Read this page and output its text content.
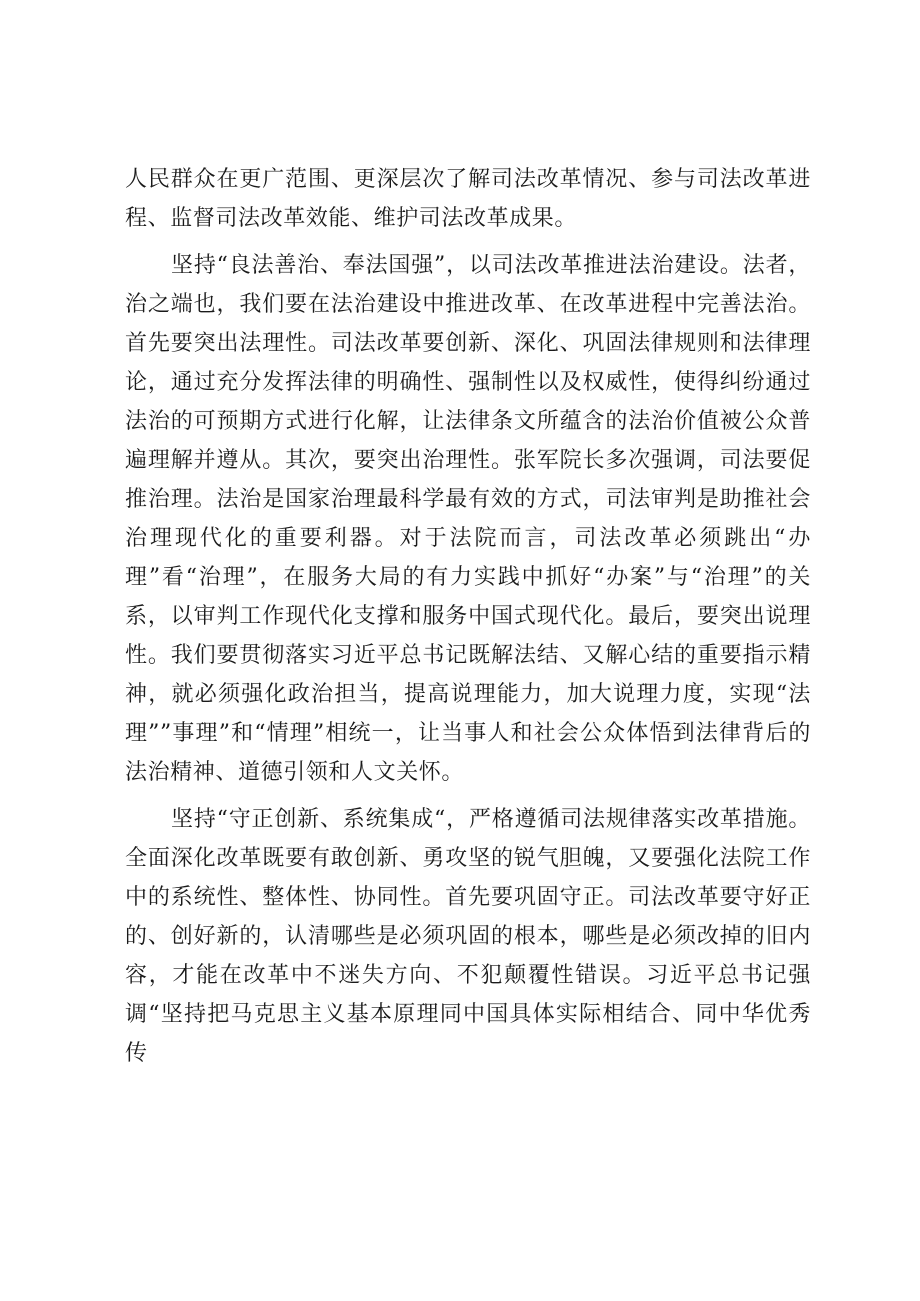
人民群众在更广范围、更深层次了解司法改革情况、参与司法改革进程、监督司法改革效能、维护司法改革成果。

坚持“良法善治、奉法国强”，以司法改革推进法治建设。法者，治之端也，我们要在法治建设中推进改革、在改革进程中完善法治。首先要突出法理性。司法改革要创新、深化、巩固法律规则和法律理论，通过充分发挥法律的明确性、强制性以及权威性，使得纠纷通过法治的可预期方式进行化解，让法律条文所蕴含的法治价值被公众普遍理解并遵从。其次，要突出治理性。张军院长多次强调，司法要促推治理。法治是国家治理最科学最有效的方式，司法审判是助推社会治理现代化的重要利器。对于法院而言，司法改革必须跳出“办理”看“治理”，在服务大局的有力实践中抓好“办案”与“治理”的关系，以审判工作现代化支撑和服务中国式现代化。最后，要突出说理性。我们要贯彻落实习近平总书记既解法结、又解心结的重要指示精神，就必须强化政治担当，提高说理能力，加大说理力度，实现“法理””事理”和“情理”相统一，让当事人和社会公众体悟到法律背后的法治精神、道德引领和人文关怀。

坚持“守正创新、系统集成“，严格遵循司法规律落实改革措施。全面深化改革既要有敢创新、勇攻坚的锐气胆魄，又要强化法院工作中的系统性、整体性、协同性。首先要巩固守正。司法改革要守好正的、创好新的，认清哪些是必须巩固的根本，哪些是必须改掉的旧内容，才能在改革中不迷失方向、不犯颠覆性错误。习近平总书记强调“坚持把马克思主义基本原理同中国具体实际相结合、同中华优秀传
